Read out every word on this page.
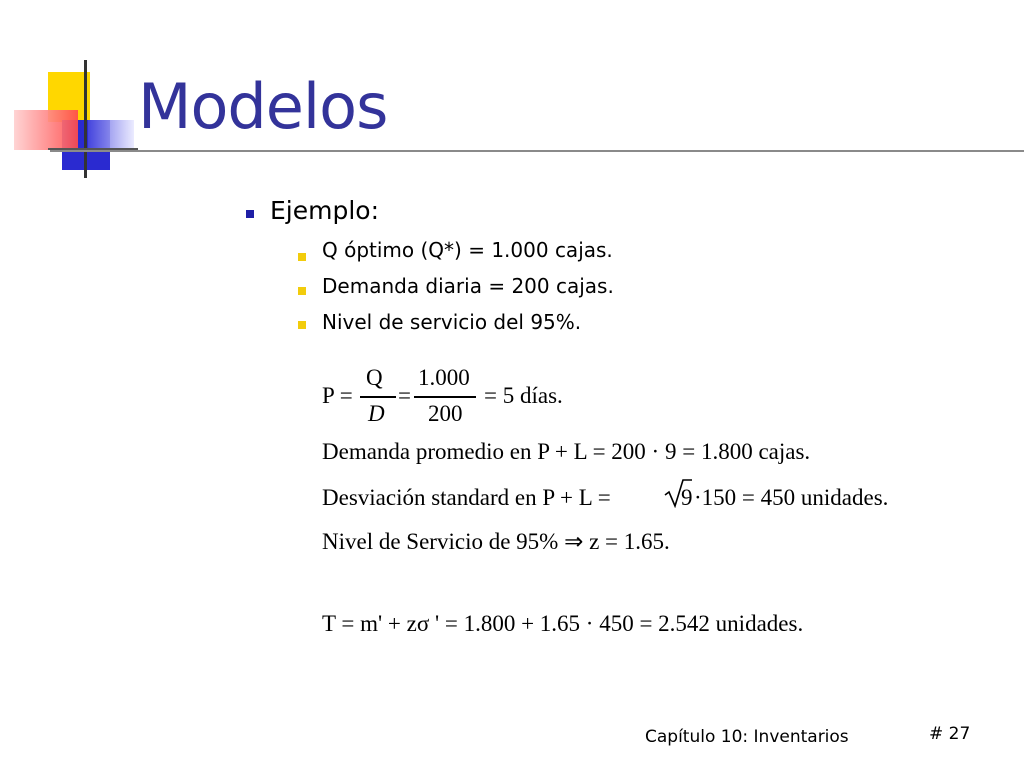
Modelos
Ejemplo:
Q óptimo (Q*) = 1.000 cajas.
Demanda diaria = 200 cajas.
Nivel de servicio del 95%.
P =
Q
D
=
1.000
200
= 5 días.
Demanda promedio en P + L = 200 · 9 = 1.800 cajas.
Desviación standard en P + L =	9 ·150 = 450 unidades.
Nivel de Servicio de 95% ⇒ z = 1.65.
T = m' + zσ ' = 1.800 + 1.65 · 450 = 2.542 unidades.
Capítulo 10: Inventarios	# 27
